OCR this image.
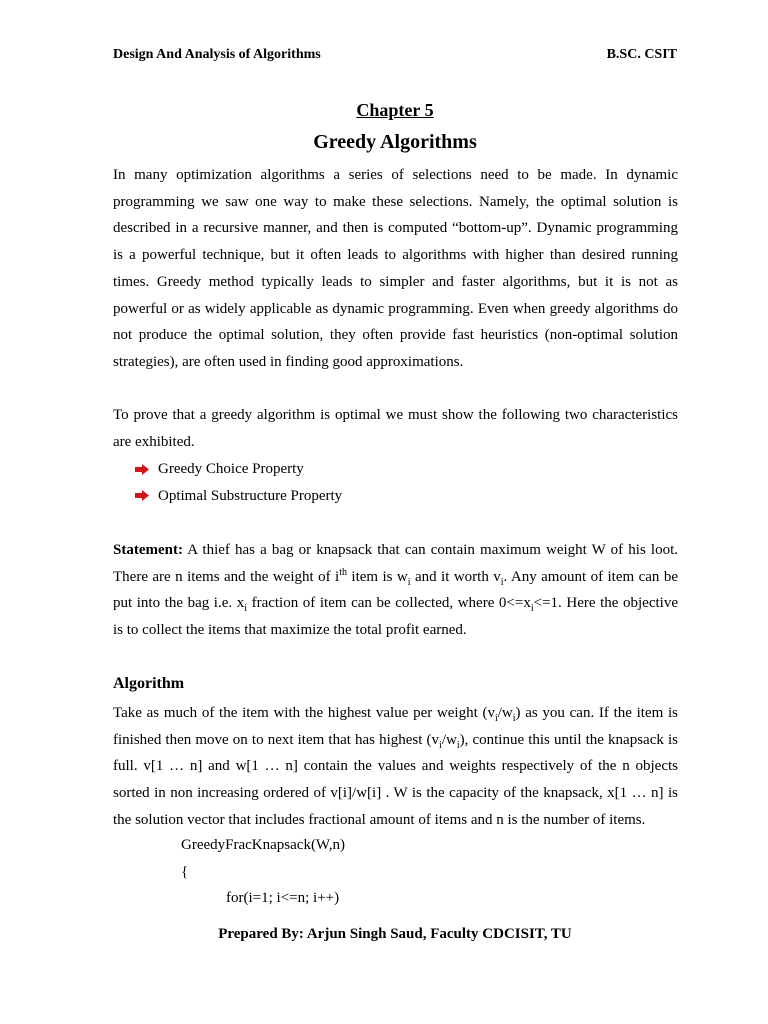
Design And Analysis of Algorithms	B.SC. CSIT
Chapter 5
Greedy Algorithms

In many optimization algorithms a series of selections need to be made. In dynamic programming we saw one way to make these selections. Namely, the optimal solution is described in a recursive manner, and then is computed “bottom-up”. Dynamic programming is a powerful technique, but it often leads to algorithms with higher than desired running times. Greedy method typically leads to simpler and faster algorithms, but it is not as powerful or as widely applicable as dynamic programming. Even when greedy algorithms do not produce the optimal solution, they often provide fast heuristics (non-optimal solution strategies), are often used in finding good approximations.

To prove that a greedy algorithm is optimal we must show the following two characteristics are exhibited.

Greedy Choice Property
Optimal Substructure Property

Statement: A thief has a bag or knapsack that can contain maximum weight W of his loot. There are n items and the weight of $i^{th}$ item is $w_i$ and it worth $v_i$. Any amount of item can be put into the bag i.e. $x_i$ fraction of item can be collected, where $0<=x_i<=1$. Here the objective is to collect the items that maximize the total profit earned.

Algorithm

Take as much of the item with the highest value per weight $(v_i/w_i)$ as you can. If the item is finished then move on to next item that has highest $(v_i/w_i)$, continue this until the knapsack is full. v[1 … n] and w[1 … n] contain the values and weights respectively of the n objects sorted in non increasing ordered of v[i]/w[i] . W is the capacity of the knapsack, x[1 … n] is the solution vector that includes fractional amount of items and n is the number of items.

GreedyFracKnapsack(W,n)
{
for(i=1; i<=n; i++)
Prepared By: Arjun Singh Saud, Faculty CDCISIT, TU
